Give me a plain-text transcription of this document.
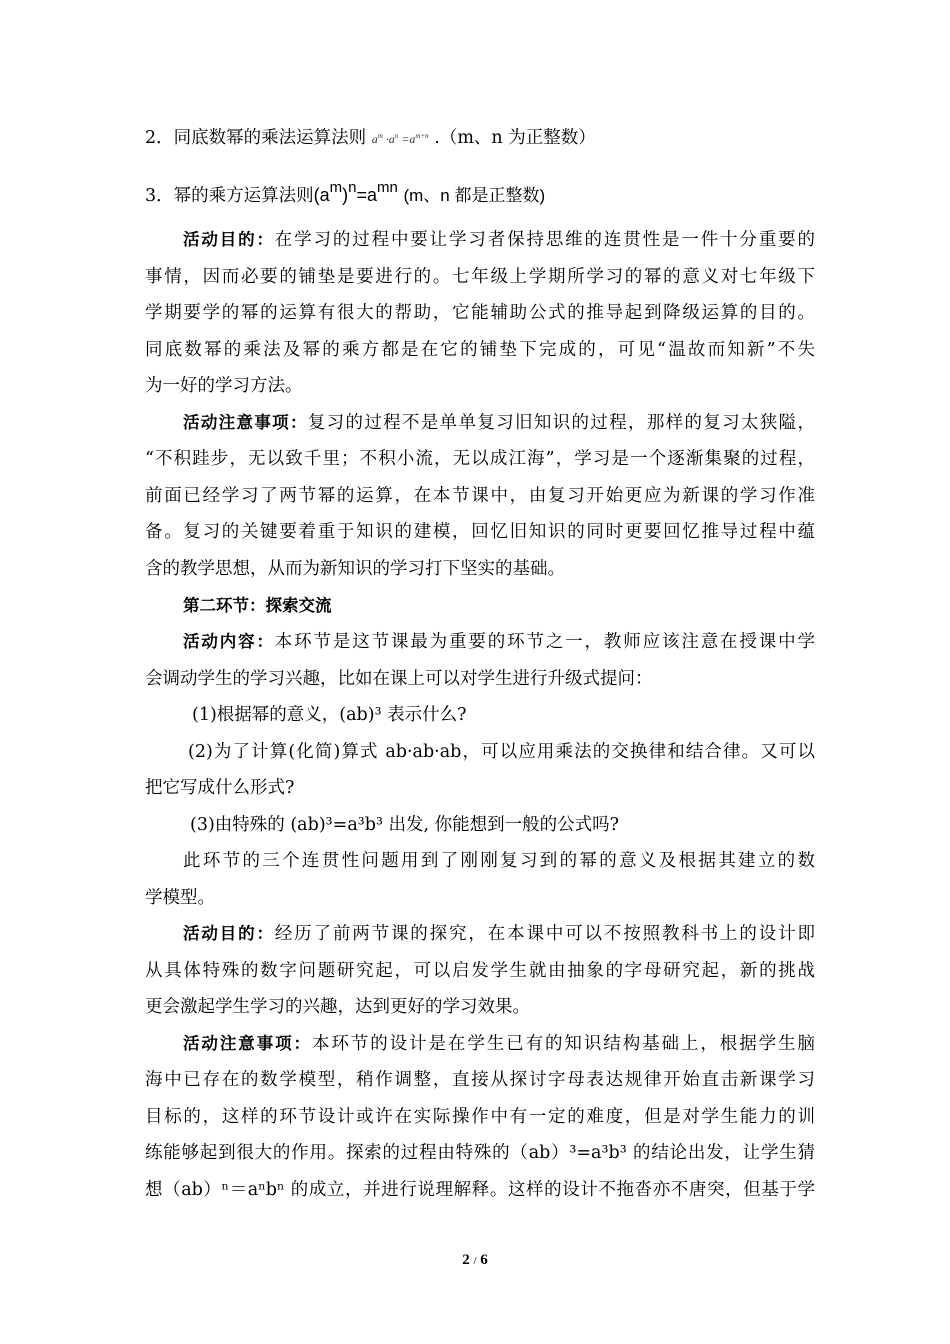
2．同底数幂的乘法运算法则 $a^m \cdot a^n =a^{m+n}$ .（m、n 为正整数）
3．幂的乘方运算法则$(a^m)^n=a^{mn}$ (m、n 都是正整数)
活动目的：在学习的过程中要让学习者保持思维的连贯性是一件十分重要的
事情，因而必要的铺垫是要进行的。七年级上学期所学习的幂的意义对七年级下
学期要学的幂的运算有很大的帮助，它能辅助公式的推导起到降级运算的目的。
同底数幂的乘法及幂的乘方都是在它的铺垫下完成的，可见“温故而知新”不失
为一好的学习方法。
活动注意事项：复习的过程不是单单复习旧知识的过程，那样的复习太狭隘，
“不积跬步，无以致千里；不积小流，无以成江海”，学习是一个逐渐集聚的过程，
前面已经学习了两节幂的运算，在本节课中，由复习开始更应为新课的学习作准
备。复习的关键要着重于知识的建模，回忆旧知识的同时更要回忆推导过程中蕴
含的教学思想，从而为新知识的学习打下坚实的基础。
第二环节：探索交流
活动内容：本环节是这节课最为重要的环节之一，教师应该注意在授课中学
会调动学生的学习兴趣，比如在课上可以对学生进行升级式提问：
(1)根据幂的意义，(ab)³ 表示什么?
(2)为了计算(化简)算式 ab·ab·ab，可以应用乘法的交换律和结合律。又可以
把它写成什么形式?
(3)由特殊的 (ab)³=a³b³ 出发, 你能想到一般的公式吗?
此环节的三个连贯性问题用到了刚刚复习到的幂的意义及根据其建立的数
学模型。
活动目的：经历了前两节课的探究，在本课中可以不按照教科书上的设计即
从具体特殊的数字问题研究起，可以启发学生就由抽象的字母研究起，新的挑战
更会激起学生学习的兴趣，达到更好的学习效果。
活动注意事项：本环节的设计是在学生已有的知识结构基础上，根据学生脑
海中已存在的数学模型，稍作调整，直接从探讨字母表达规律开始直击新课学习
目标的，这样的环节设计或许在实际操作中有一定的难度，但是对学生能力的训
练能够起到很大的作用。探索的过程由特殊的（ab）³=a³b³ 的结论出发，让学生猜
想（ab）ⁿ＝aⁿbⁿ 的成立，并进行说理解释。这样的设计不拖沓亦不唐突，但基于学
2 / 6
